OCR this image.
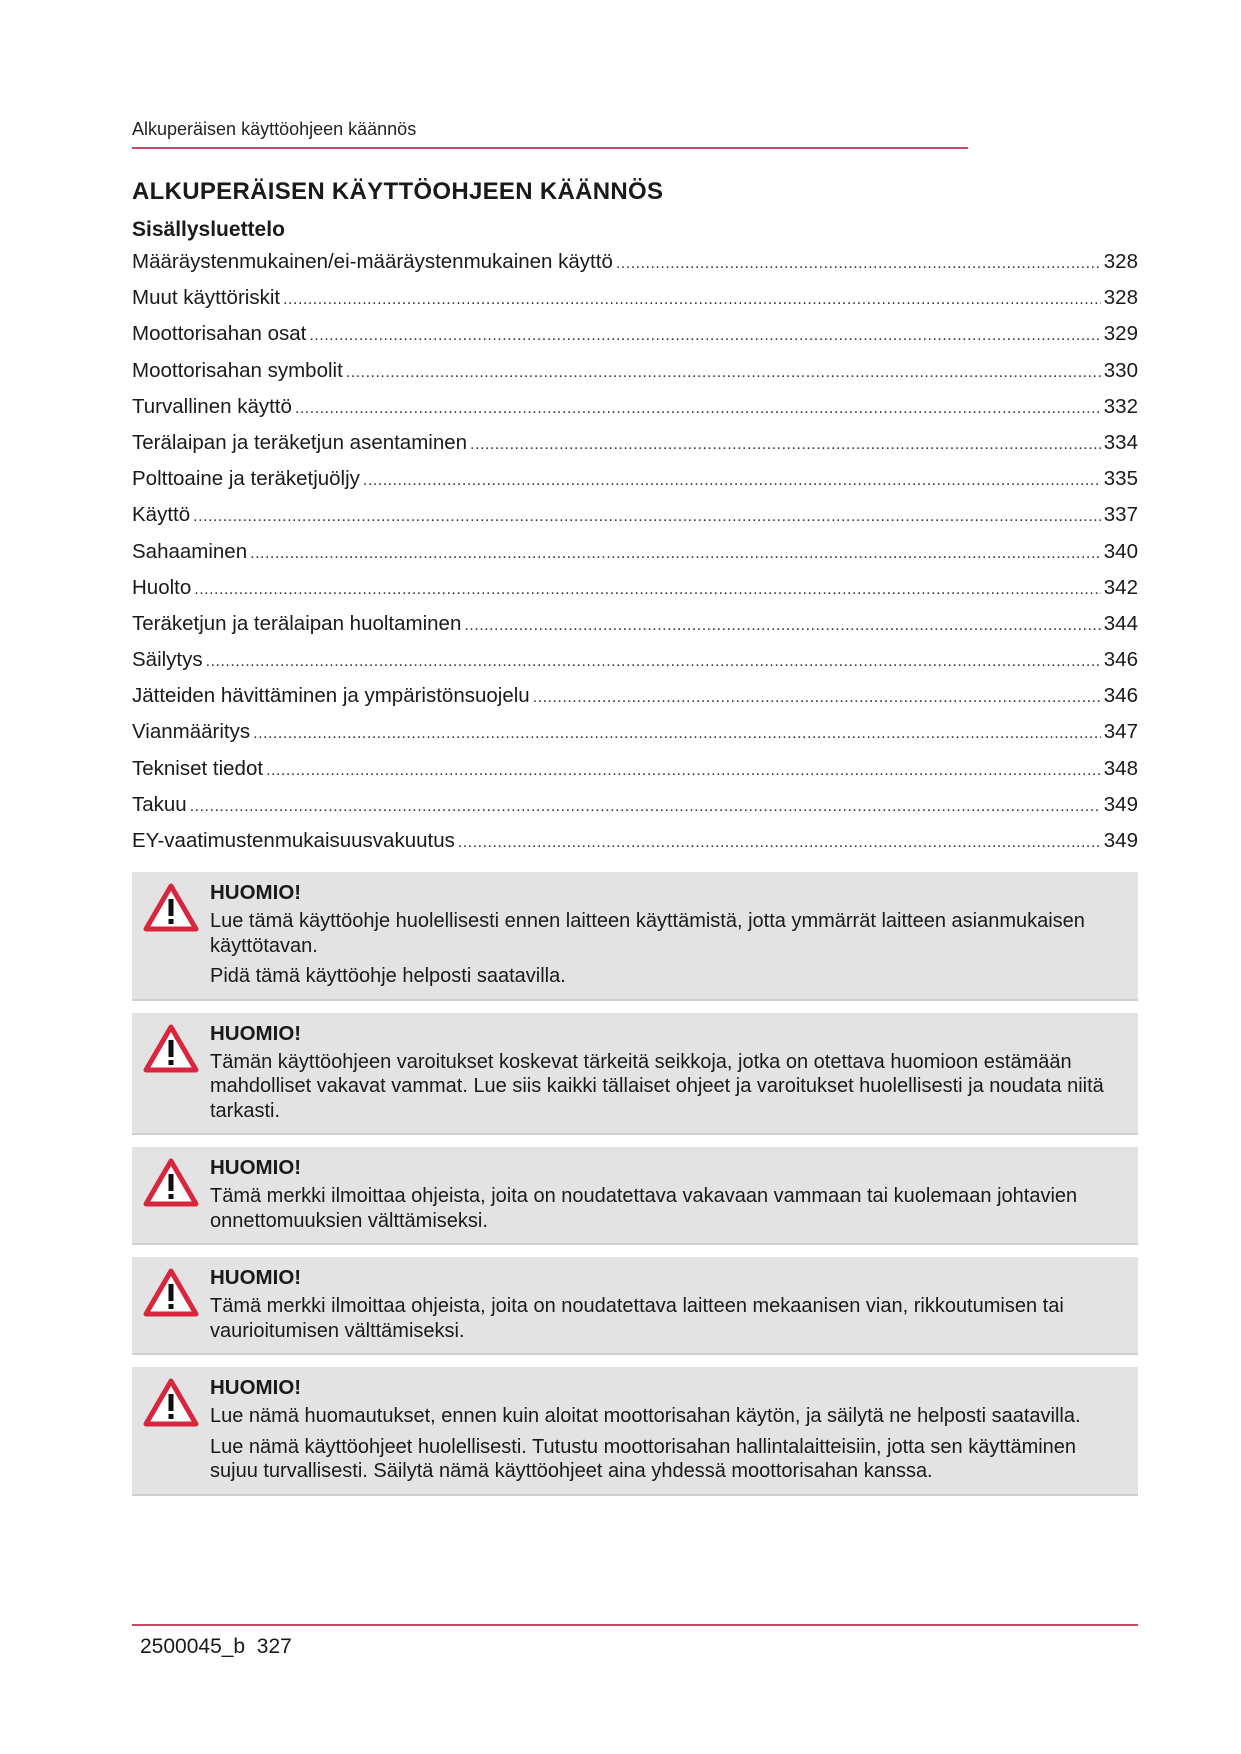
Alkuperäisen käyttöohjeen käännös
ALKUPERÄISEN KÄYTTÖOHJEEN KÄÄNNÖS
Sisällysluettelo
Määräystenmukainen/ei-määräystenmukainen käyttö .....	328
Muut käyttöriskit .....	328
Moottorisahan osat .....	329
Moottorisahan symbolit .....	330
Turvallinen käyttö .....	332
Terälaipan ja teräketjun asentaminen .....	334
Polttoaine ja teräketjuöljy .....	335
Käyttö .....	337
Sahaaminen .....	340
Huolto .....	342
Teräketjun ja terälaipan huoltaminen .....	344
Säilytys .....	346
Jätteiden hävittäminen ja ympäristönsuojelu .....	346
Vianmääritys .....	347
Tekniset tiedot .....	348
Takuu .....	349
EY-vaatimustenmukaisuusvakuutus .....	349
HUOMIO!
Lue tämä käyttöohje huolellisesti ennen laitteen käyttämistä, jotta ymmärrät laitteen asianmukaisen käyttötavan.
Pidä tämä käyttöohje helposti saatavilla.
HUOMIO!
Tämän käyttöohjeen varoitukset koskevat tärkeitä seikkoja, jotka on otettava huomioon estämään mahdolliset vakavat vammat. Lue siis kaikki tällaiset ohjeet ja varoitukset huolellisesti ja noudata niitä tarkasti.
HUOMIO!
Tämä merkki ilmoittaa ohjeista, joita on noudatettava vakavaan vammaan tai kuolemaan johtavien onnettomuuksien välttämiseksi.
HUOMIO!
Tämä merkki ilmoittaa ohjeista, joita on noudatettava laitteen mekaanisen vian, rikkoutumisen tai vaurioitumisen välttämiseksi.
HUOMIO!
Lue nämä huomautukset, ennen kuin aloitat moottorisahan käytön, ja säilytä ne helposti saatavilla.
Lue nämä käyttöohjeet huolellisesti. Tutustu moottorisahan hallintalaitteisiin, jotta sen käyttäminen sujuu turvallisesti. Säilytä nämä käyttöohjeet aina yhdessä moottorisahan kanssa.
2500045_b 327
